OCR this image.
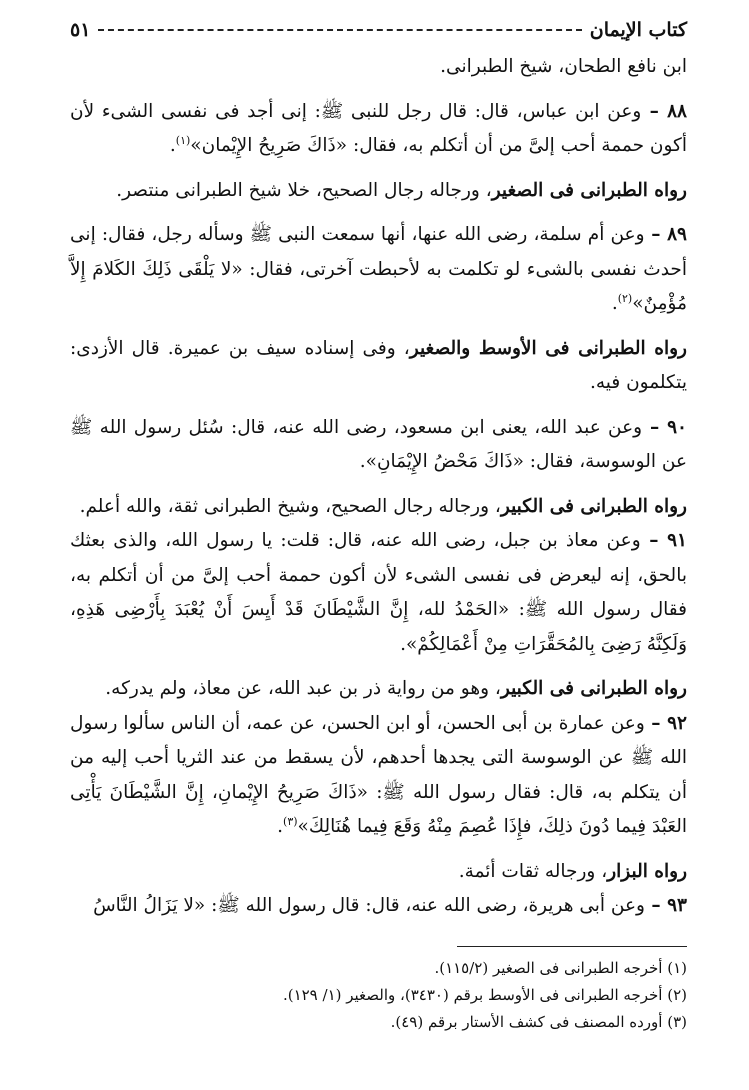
كتاب الإيمان
٥١

ابن نافع الطحان، شيخ الطبرانى.

٨٨ – وعن ابن عباس، قال: قال رجل للنبى ﷺ: إنى أجد فى نفسى الشىء لأن أكون حممة أحب إلىَّ من أن أتكلم به، فقال: «ذَاكَ صَرِيحُ الإِيْمان»$^{(١)}$.

رواه الطبرانى فى الصغير، ورجاله رجال الصحيح، خلا شيخ الطبرانى منتصر.

٨٩ – وعن أم سلمة، رضى الله عنها، أنها سمعت النبى ﷺ وسأله رجل، فقال: إنى أحدث نفسى بالشىء لو تكلمت به لأحبطت آخرتى، فقال: «لا يَلْقَى ذَلِكَ الكَلامَ إِلاَّ مُؤْمِنٌ»$^{(٢)}$.

رواه الطبرانى فى الأوسط والصغير، وفى إسناده سيف بن عميرة. قال الأزدى: يتكلمون فيه.

٩٠ – وعن عبد الله، يعنى ابن مسعود، رضى الله عنه، قال: سُئل رسول الله ﷺ عن الوسوسة، فقال: «ذَاكَ مَحْضُ الإِيْمَانِ».

رواه الطبرانى فى الكبير، ورجاله رجال الصحيح، وشيخ الطبرانى ثقة، والله أعلم.

٩١ – وعن معاذ بن جبل، رضى الله عنه، قال: قلت: يا رسول الله، والذى بعثك بالحق، إنه ليعرض فى نفسى الشىء لأن أكون حممة أحب إلىَّ من أن أتكلم به، فقال رسول الله ﷺ: «الحَمْدُ لله، إِنَّ الشَّيْطَانَ قَدْ أَيِسَ أَنْ يُعْبَدَ بِأَرْضِى هَذِهِ، وَلَكِنَّهُ رَضِىَ بِالمُحَقَّرَاتِ مِنْ أَعْمَالِكُمْ».

رواه الطبرانى فى الكبير، وهو من رواية ذر بن عبد الله، عن معاذ، ولم يدركه.

٩٢ – وعن عمارة بن أبى الحسن، أو ابن الحسن، عن عمه، أن الناس سألوا رسول الله ﷺ عن الوسوسة التى يجدها أحدهم، لأن يسقط من عند الثريا أحب إليه من أن يتكلم به، قال: فقال رسول الله ﷺ: «ذَاكَ صَرِيحُ الإِيْمانِ، إِنَّ الشَّيْطَانَ يَأْتِى العَبْدَ فِيما دُونَ ذلِكَ، فإِذَا عُصِمَ مِنْهُ وَقَعَ فِيما هُنَالِكَ»$^{(٣)}$.

رواه البزار، ورجاله ثقات أئمة.

٩٣ – وعن أبى هريرة، رضى الله عنه، قال: قال رسول الله ﷺ: «لا يَزَالُ النَّاسُ

(١) أخرجه الطبرانى فى الصغير (١١٥/٢).

(٢) أخرجه الطبرانى فى الأوسط برقم (٣٤٣٠)، والصغير (١/ ١٢٩).

(٣) أورده المصنف فى كشف الأستار برقم (٤٩).
